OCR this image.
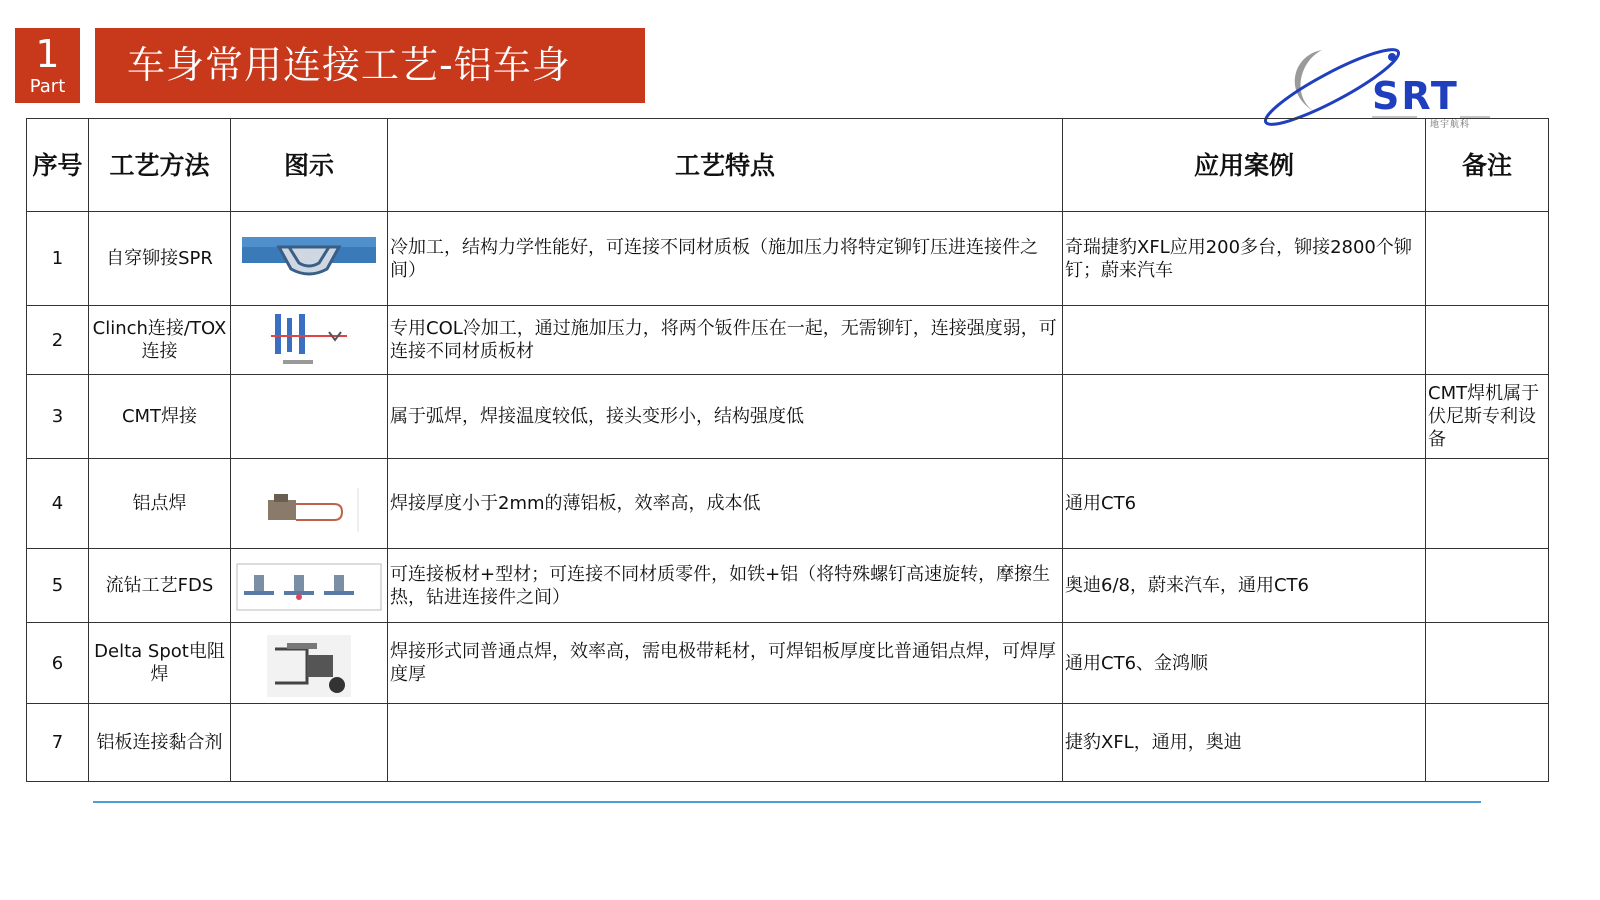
1
Part	车身常用连接工艺-铝车身
SRT
地宇航科
序号	工艺方法	图示	工艺特点	应用案例	备注
1	自穿铆接SPR		冷加工，结构力学性能好，可连接不同材质板（施加压力将特定铆钉压进连接件之间）	奇瑞捷豹XFL应用200多台，铆接2800个铆钉；蔚来汽车	
2	Clinch连接/TOX连接		专用COL冷加工，通过施加压力，将两个钣件压在一起，无需铆钉，连接强度弱，可连接不同材质板材		
3	CMT焊接		属于弧焊，焊接温度较低，接头变形小，结构强度低		CMT焊机属于伏尼斯专利设备
4	铝点焊		焊接厚度小于2mm的薄铝板，效率高，成本低	通用CT6	
5	流钻工艺FDS		可连接板材+型材；可连接不同材质零件，如铁+铝（将特殊螺钉高速旋转，摩擦生热，钻进连接件之间）	奥迪6/8，蔚来汽车，通用CT6	
6	Delta Spot电阻焊		焊接形式同普通点焊，效率高，需电极带耗材，可焊铝板厚度比普通铝点焊，可焊厚度厚	通用CT6、金鸿顺	
7	铝板连接黏合剂			捷豹XFL，通用，奥迪	
